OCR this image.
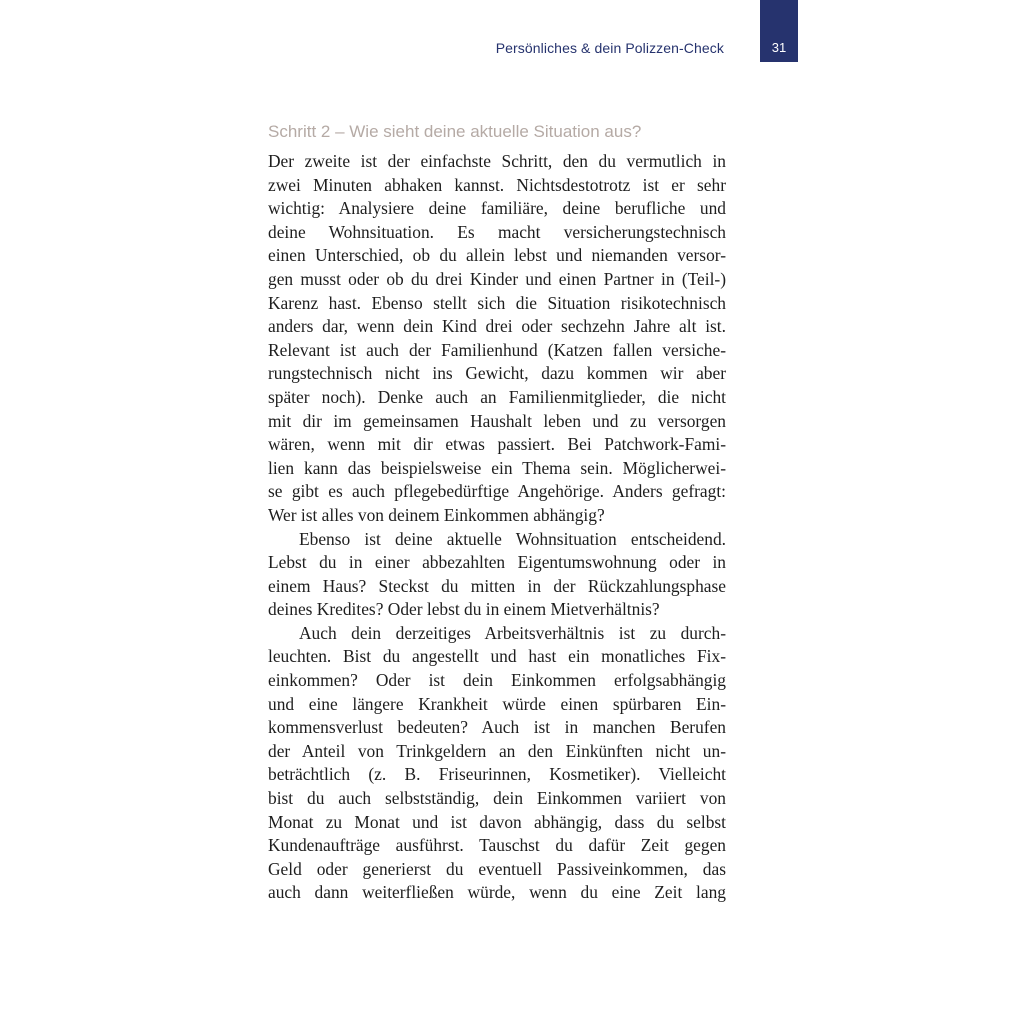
Persönliches & dein Polizzen-Check	31
Schritt 2 – Wie sieht deine aktuelle Situation aus?

Der zweite ist der einfachste Schritt, den du vermutlich in
zwei Minuten abhaken kannst. Nichtsdestotrotz ist er sehr
wichtig: Analysiere deine familiäre, deine berufliche und
deine Wohnsituation. Es macht versicherungstechnisch
einen Unterschied, ob du allein lebst und niemanden versor-
gen musst oder ob du drei Kinder und einen Partner in (Teil-)
Karenz hast. Ebenso stellt sich die Situation risikotechnisch
anders dar, wenn dein Kind drei oder sechzehn Jahre alt ist.
Relevant ist auch der Familienhund (Katzen fallen versiche-
rungstechnisch nicht ins Gewicht, dazu kommen wir aber
später noch). Denke auch an Familienmitglieder, die nicht
mit dir im gemeinsamen Haushalt leben und zu versorgen
wären, wenn mit dir etwas passiert. Bei Patchwork-Fami-
lien kann das beispielsweise ein Thema sein. Möglicherwei-
se gibt es auch pflegebedürftige Angehörige. Anders gefragt:
Wer ist alles von deinem Einkommen abhängig?

Ebenso ist deine aktuelle Wohnsituation entscheidend.
Lebst du in einer abbezahlten Eigentumswohnung oder in
einem Haus? Steckst du mitten in der Rückzahlungsphase
deines Kredites? Oder lebst du in einem Mietverhältnis?

Auch dein derzeitiges Arbeitsverhältnis ist zu durch-
leuchten. Bist du angestellt und hast ein monatliches Fix-
einkommen? Oder ist dein Einkommen erfolgsabhängig
und eine längere Krankheit würde einen spürbaren Ein-
kommensverlust bedeuten? Auch ist in manchen Berufen
der Anteil von Trinkgeldern an den Einkünften nicht un-
beträchtlich (z. B. Friseurinnen, Kosmetiker). Vielleicht
bist du auch selbstständig, dein Einkommen variiert von
Monat zu Monat und ist davon abhängig, dass du selbst
Kundenaufträge ausführst. Tauschst du dafür Zeit gegen
Geld oder generierst du eventuell Passiveinkommen, das
auch dann weiterfließen würde, wenn du eine Zeit lang
